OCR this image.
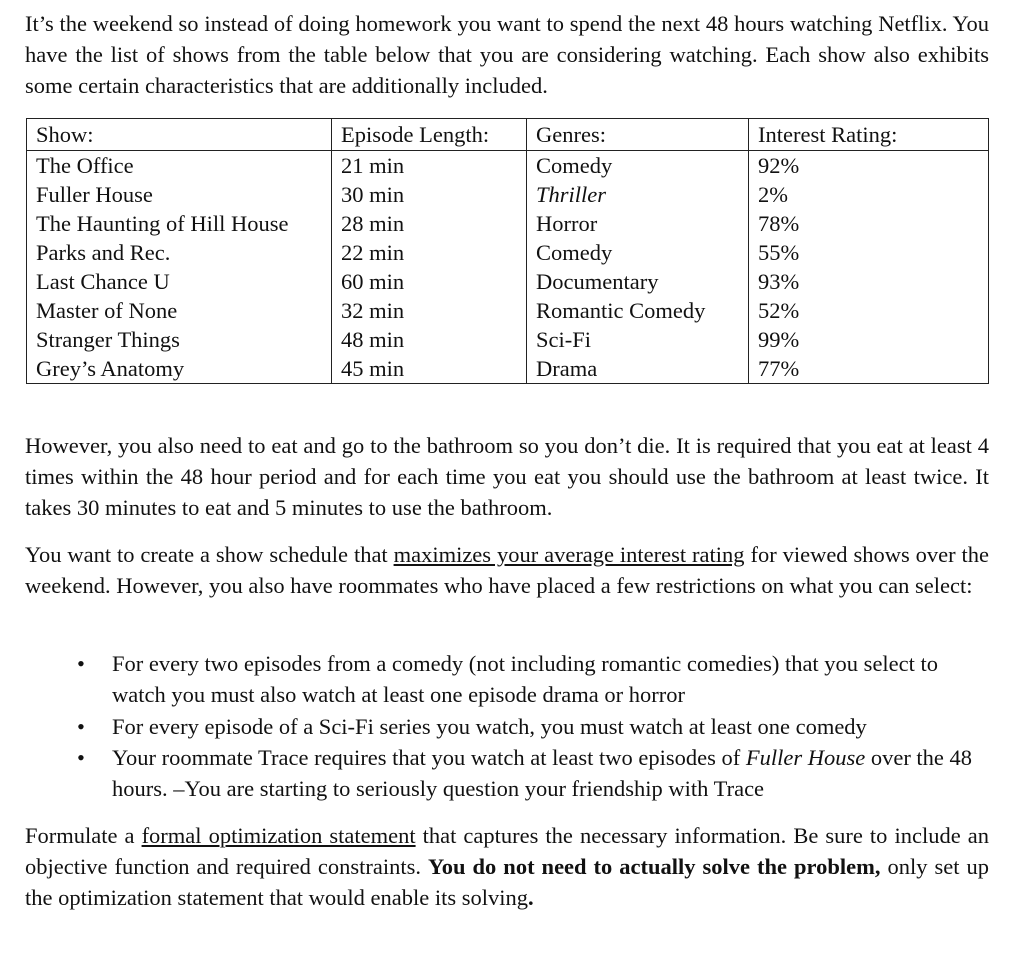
It’s the weekend so instead of doing homework you want to spend the next 48 hours watching Netflix. You have the list of shows from the table below that you are considering watching. Each show also exhibits some certain characteristics that are additionally included.

Show:	Episode Length:	Genres:	Interest Rating:
The Office	21 min	Comedy	92%
Fuller House	30 min	Thriller	2%
The Haunting of Hill House	28 min	Horror	78%
Parks and Rec.	22 min	Comedy	55%
Last Chance U	60 min	Documentary	93%
Master of None	32 min	Romantic Comedy	52%
Stranger Things	48 min	Sci-Fi	99%
Grey’s Anatomy	45 min	Drama	77%

However, you also need to eat and go to the bathroom so you don’t die. It is required that you eat at least 4 times within the 48 hour period and for each time you eat you should use the bathroom at least twice. It takes 30 minutes to eat and 5 minutes to use the bathroom.

You want to create a show schedule that maximizes your average interest rating for viewed shows over the weekend. However, you also have roommates who have placed a few restrictions on what you can select:

• For every two episodes from a comedy (not including romantic comedies) that you select to watch you must also watch at least one episode drama or horror

• For every episode of a Sci-Fi series you watch, you must watch at least one comedy

• Your roommate Trace requires that you watch at least two episodes of Fuller House over the 48 hours. –You are starting to seriously question your friendship with Trace

Formulate a formal optimization statement that captures the necessary information. Be sure to include an objective function and required constraints. You do not need to actually solve the problem, only set up the optimization statement that would enable its solving.
